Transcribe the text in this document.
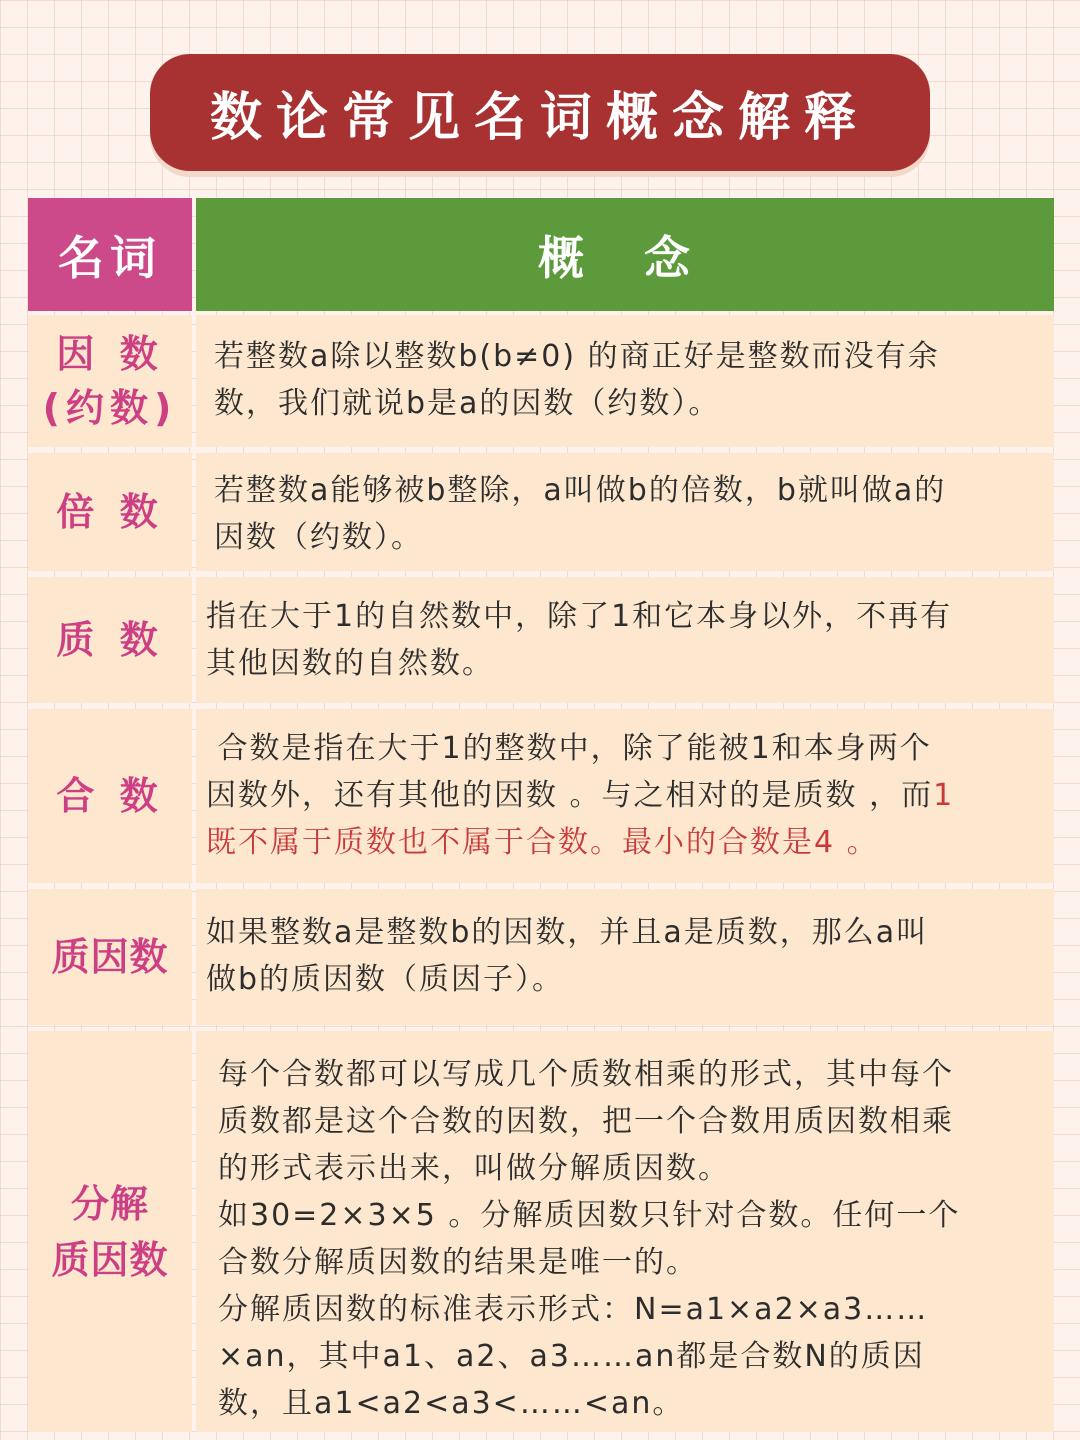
数论常见名词概念解释
名词	概 念
因 数
(约数)
若整数a除以整数b(b≠0) 的商正好是整数而没有余
数，我们就说b是a的因数（约数）。
倍 数 若整数a能够被b整除，a叫做b的倍数，b就叫做a的
因数（约数）。
质 数
指在大于1的自然数中，除了1和它本身以外，不再有
其他因数的自然数。
合 数
合数是指在大于1的整数中，除了能被1和本身两个
因数外，还有其他的因数 。与之相对的是质数 ，而1
既不属于质数也不属于合数。最小的合数是4 。
质因数
如果整数a是整数b的因数，并且a是质数，那么a叫
做b的质因数（质因子）。
分解
质因数
每个合数都可以写成几个质数相乘的形式，其中每个
质数都是这个合数的因数，把一个合数用质因数相乘
的形式表示出来，叫做分解质因数。
如30=2×3×5 。分解质因数只针对合数。任何一个
合数分解质因数的结果是唯一的。
分解质因数的标准表示形式：N=a1×a2×a3……
×an，其中a1、a2、a3……an都是合数N的质因
数，且a1<a2<a3<……<an。
